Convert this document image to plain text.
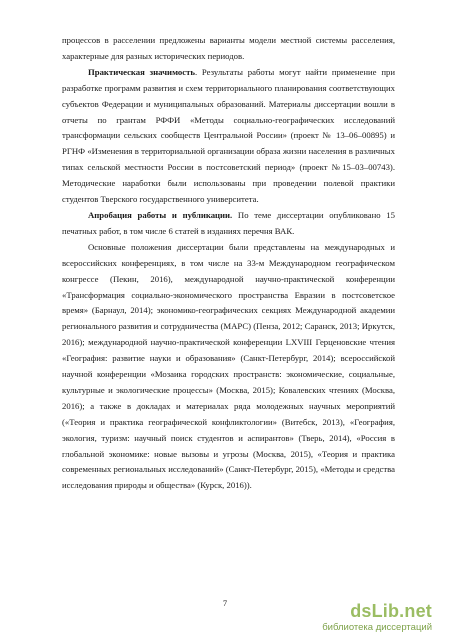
процессов в расселении предложены варианты модели местной системы расселения, характерные для разных исторических периодов.

Практическая значимость. Результаты работы могут найти применение при разработке программ развития и схем территориального планирования соответствующих субъектов Федерации и муниципальных образований. Материалы диссертации вошли в отчеты по грантам РФФИ «Методы социально-географических исследований трансформации сельских сообществ Центральной России» (проект № 13–06–00895) и РГНФ «Изменения в территориальной организации образа жизни населения в различных типах сельской местности России в постсоветский период» (проект №15–03–00743). Методические наработки были использованы при проведении полевой практики студентов Тверского государственного университета.

Апробация работы и публикации. По теме диссертации опубликовано 15 печатных работ, в том числе 6 статей в изданиях перечня ВАК.

Основные положения диссертации были представлены на международных и всероссийских конференциях, в том числе на 33-м Международном географическом конгрессе (Пекин, 2016), международной научно-практической конференции «Трансформация социально-экономического пространства Евразии в постсоветское время» (Барнаул, 2014); экономико-географических секциях Международной академии регионального развития и сотрудничества (МАРС) (Пенза, 2012; Саранск, 2013; Иркутск, 2016); международной научно-практической конференции LXVIII Герценовские чтения «География: развитие науки и образования» (Санкт-Петербург, 2014); всероссийской научной конференции «Мозаика городских пространств: экономические, социальные, культурные и экологические процессы» (Москва, 2015); Ковалевских чтениях (Москва, 2016); а также в докладах и материалах ряда молодежных научных мероприятий («Теория и практика географической конфликтологии» (Витебск, 2013), «География, экология, туризм: научный поиск студентов и аспирантов» (Тверь, 2014), «Россия в глобальной экономике: новые вызовы и угрозы (Москва, 2015), «Теория и практика современных региональных исследований» (Санкт-Петербург, 2015), «Методы и средства исследования природы и общества» (Курск, 2016)).

7	dsLib.net
библиотека диссертаций
